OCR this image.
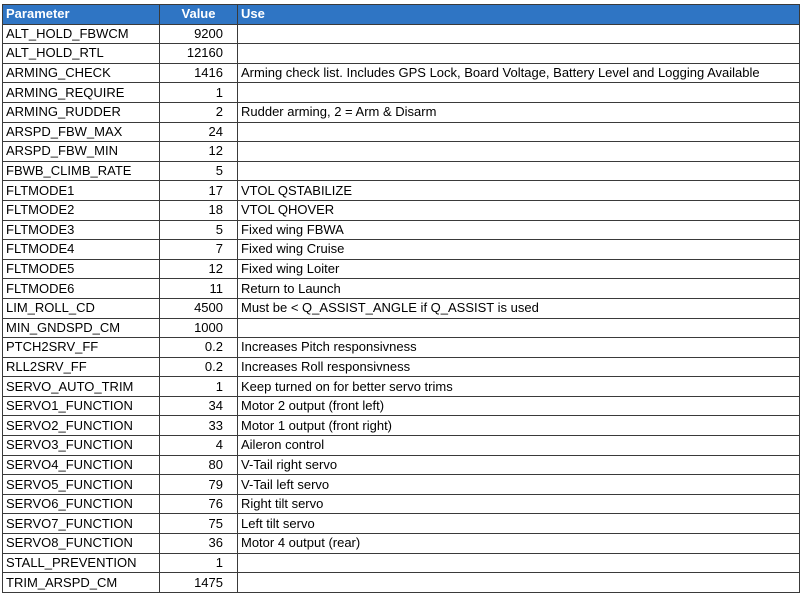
Parameter	Value	Use
ALT_HOLD_FBWCM	9200	
ALT_HOLD_RTL	12160	
ARMING_CHECK	1416	Arming check list. Includes GPS Lock, Board Voltage, Battery Level and Logging Available
ARMING_REQUIRE	1	
ARMING_RUDDER	2	Rudder arming, 2 = Arm & Disarm
ARSPD_FBW_MAX	24	
ARSPD_FBW_MIN	12	
FBWB_CLIMB_RATE	5	
FLTMODE1	17	VTOL QSTABILIZE
FLTMODE2	18	VTOL QHOVER
FLTMODE3	5	Fixed wing FBWA
FLTMODE4	7	Fixed wing Cruise
FLTMODE5	12	Fixed wing Loiter
FLTMODE6	11	Return to Launch
LIM_ROLL_CD	4500	Must be < Q_ASSIST_ANGLE if Q_ASSIST is used
MIN_GNDSPD_CM	1000	
PTCH2SRV_FF	0.2	Increases Pitch responsivness
RLL2SRV_FF	0.2	Increases Roll responsivness
SERVO_AUTO_TRIM	1	Keep turned on for better servo trims
SERVO1_FUNCTION	34	Motor 2 output (front left)
SERVO2_FUNCTION	33	Motor 1 output (front right)
SERVO3_FUNCTION	4	Aileron control
SERVO4_FUNCTION	80	V-Tail right servo
SERVO5_FUNCTION	79	V-Tail left servo
SERVO6_FUNCTION	76	Right tilt servo
SERVO7_FUNCTION	75	Left tilt servo
SERVO8_FUNCTION	36	Motor 4 output (rear)
STALL_PREVENTION	1	
TRIM_ARSPD_CM	1475	
